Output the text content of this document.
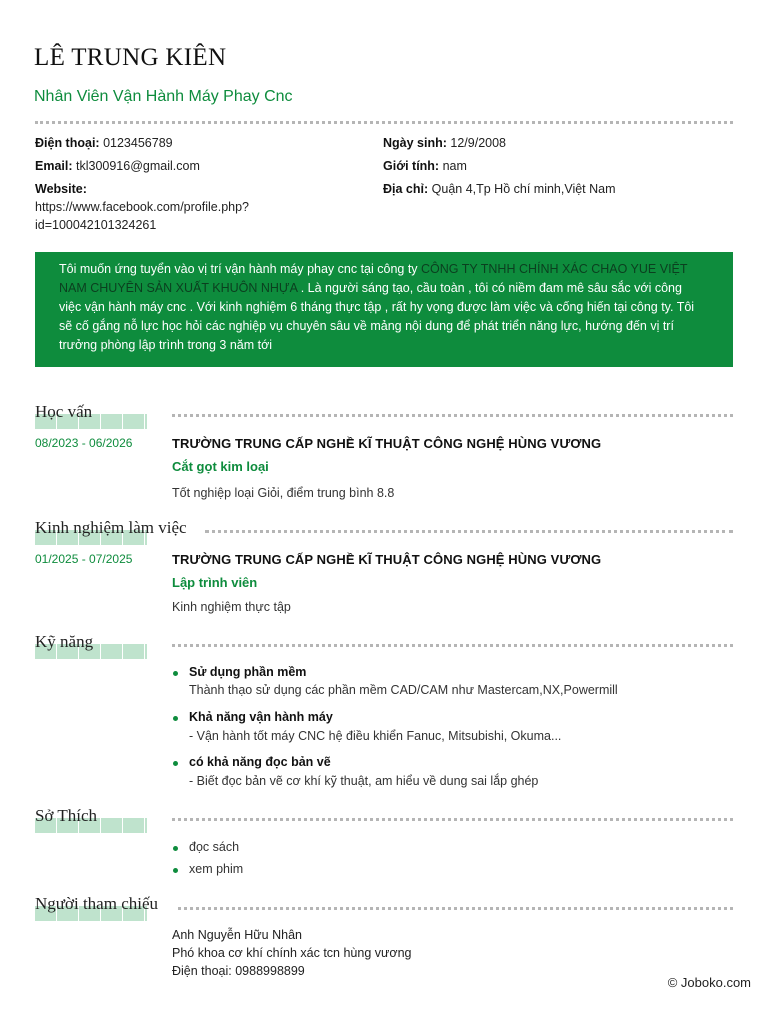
LÊ TRUNG KIÊN
Nhân Viên Vận Hành Máy Phay Cnc
Điện thoại: 0123456789
Email: tkl300916@gmail.com
Website:
https://www.facebook.com/profile.php?
id=100042101324261
Ngày sinh: 12/9/2008
Giới tính: nam
Địa chỉ: Quận 4,Tp Hồ chí minh,Việt Nam
Tôi muốn ứng tuyển vào vị trí vận hành máy phay cnc tại công ty CÔNG TY TNHH CHÍNH XÁC CHAO YUE VIỆT NAM CHUYÊN SẢN XUẤT KHUÔN NHỰA . Là người sáng tạo, cầu toàn , tôi có niềm đam mê sâu sắc với công việc vận hành máy cnc . Với kinh nghiệm 6 tháng thực tập , rất hy vọng được làm việc và cống hiến tại công ty. Tôi sẽ cố gắng nỗ lực học hỏi các nghiệp vụ chuyên sâu về mảng nội dung để phát triển năng lực, hướng đến vị trí trưởng phòng lập trình trong 3 năm tới
Học vấn
08/2023 - 06/2026	TRƯỜNG TRUNG CẤP NGHỀ KĨ THUẬT CÔNG NGHỆ HÙNG VƯƠNG
Cắt gọt kim loại
Tốt nghiệp loại Giỏi, điểm trung bình 8.8
Kinh nghiệm làm việc
01/2025 - 07/2025	TRƯỜNG TRUNG CẤP NGHỀ KĨ THUẬT CÔNG NGHỆ HÙNG VƯƠNG
Lập trình viên
Kinh nghiệm thực tập
Kỹ năng
Sử dụng phần mềm
Thành thạo sử dụng các phần mềm CAD/CAM như Mastercam,NX,Powermill
Khả năng vận hành máy
- Vận hành tốt máy CNC hệ điều khiển Fanuc, Mitsubishi, Okuma...
có khả năng đọc bản vẽ
- Biết đọc bản vẽ cơ khí kỹ thuật, am hiểu về dung sai lắp ghép
Sở Thích
đọc sách
xem phim
Người tham chiếu
Anh Nguyễn Hữu Nhân
Phó khoa cơ khí chính xác tcn hùng vương
Điện thoại: 0988998899
© Joboko.com
